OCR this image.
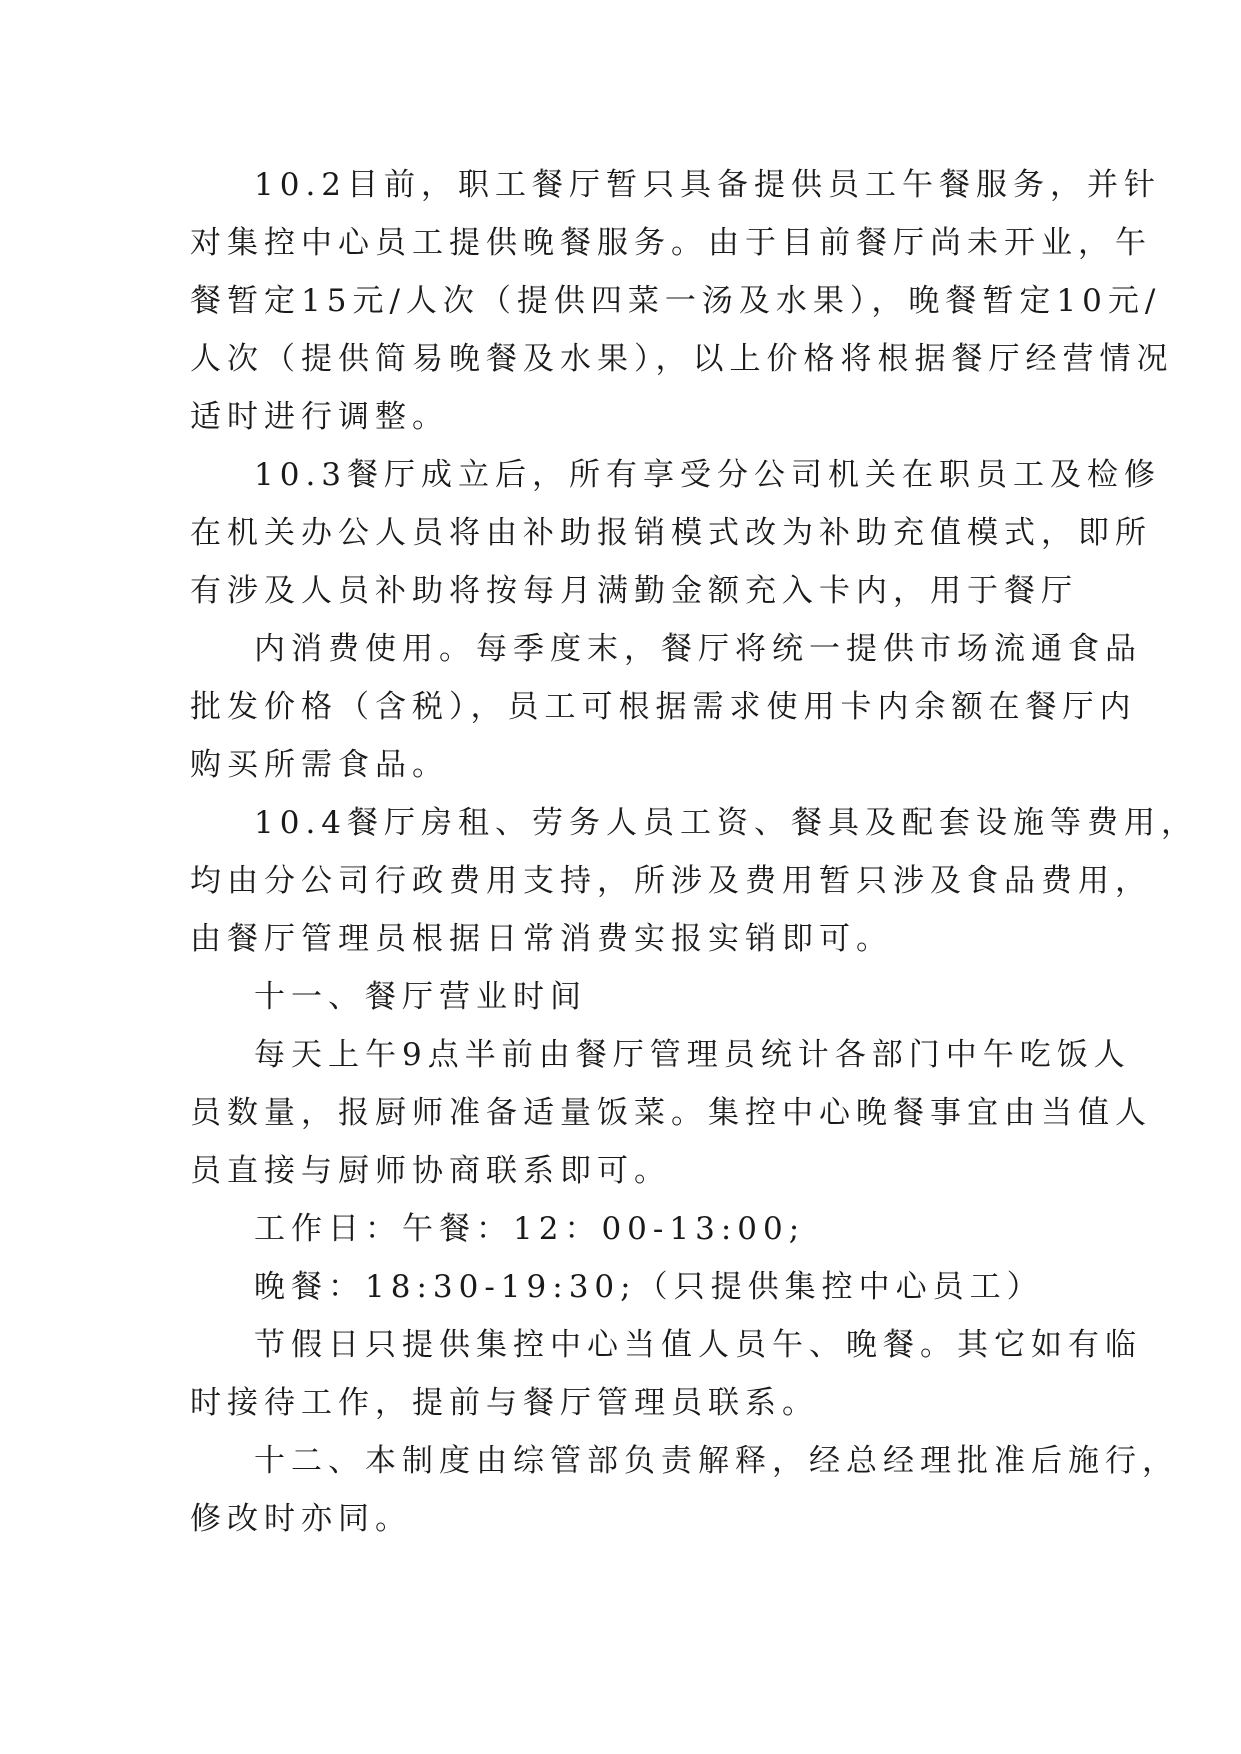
10.2目前，职工餐厅暂只具备提供员工午餐服务，并针
对集控中心员工提供晚餐服务。由于目前餐厅尚未开业，午
餐暂定15元/人次（提供四菜一汤及水果），晚餐暂定10元/
人次（提供简易晚餐及水果），以上价格将根据餐厅经营情况
适时进行调整。
10.3餐厅成立后，所有享受分公司机关在职员工及检修
在机关办公人员将由补助报销模式改为补助充值模式，即所
有涉及人员补助将按每月满勤金额充入卡内，用于餐厅
内消费使用。每季度末，餐厅将统一提供市场流通食品
批发价格（含税），员工可根据需求使用卡内余额在餐厅内
购买所需食品。
10.4餐厅房租、劳务人员工资、餐具及配套设施等费用，
均由分公司行政费用支持，所涉及费用暂只涉及食品费用，
由餐厅管理员根据日常消费实报实销即可。
十一、餐厅营业时间
每天上午9点半前由餐厅管理员统计各部门中午吃饭人
员数量，报厨师准备适量饭菜。集控中心晚餐事宜由当值人
员直接与厨师协商联系即可。
工作日：午餐：12：00-13:00;
晚餐：18:30-19:30;（只提供集控中心员工）
节假日只提供集控中心当值人员午、晚餐。其它如有临
时接待工作，提前与餐厅管理员联系。
十二、本制度由综管部负责解释，经总经理批准后施行，
修改时亦同。
